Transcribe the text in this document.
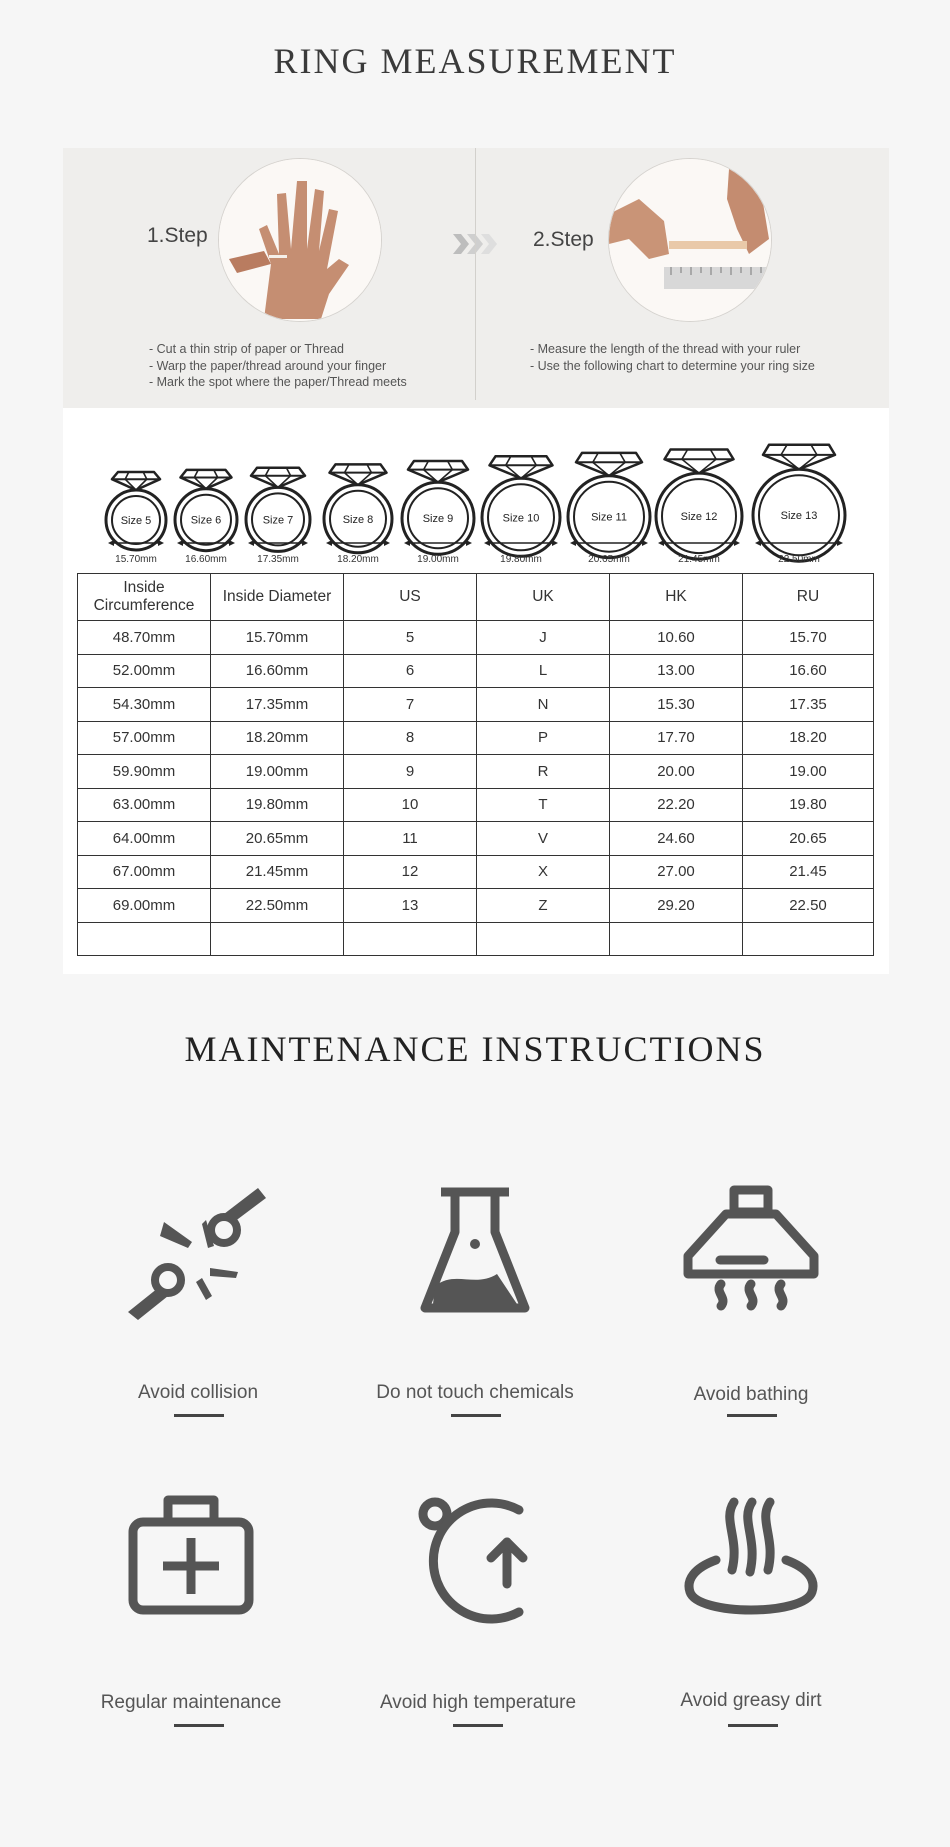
RING MEASUREMENT
1.Step
- Cut a thin strip of paper or Thread
- Warp the paper/thread around your finger
- Mark the spot where the paper/Thread meets
2.Step
- Measure the length of the thread with your ruler
- Use the following chart to determine your ring size
Size 5
15.70mm
Size 6
16.60mm
Size 7
17.35mm
Size 8
18.20mm
Size 9
19.00mm
Size 10
19.80mm
Size 11
20.65mm
Size 12
21.45mm
Size 13
22.50mm
Inside Circumference	Inside Diameter	US	UK	HK	RU
48.70mm	15.70mm	5	J	10.60	15.70
52.00mm	16.60mm	6	L	13.00	16.60
54.30mm	17.35mm	7	N	15.30	17.35
57.00mm	18.20mm	8	P	17.70	18.20
59.90mm	19.00mm	9	R	20.00	19.00
63.00mm	19.80mm	10	T	22.20	19.80
64.00mm	20.65mm	11	V	24.60	20.65
67.00mm	21.45mm	12	X	27.00	21.45
69.00mm	22.50mm	13	Z	29.20	22.50

MAINTENANCE INSTRUCTIONS
Avoid collision	Do not touch chemicals	Avoid bathing
Regular maintenance	Avoid high temperature	Avoid greasy dirt
